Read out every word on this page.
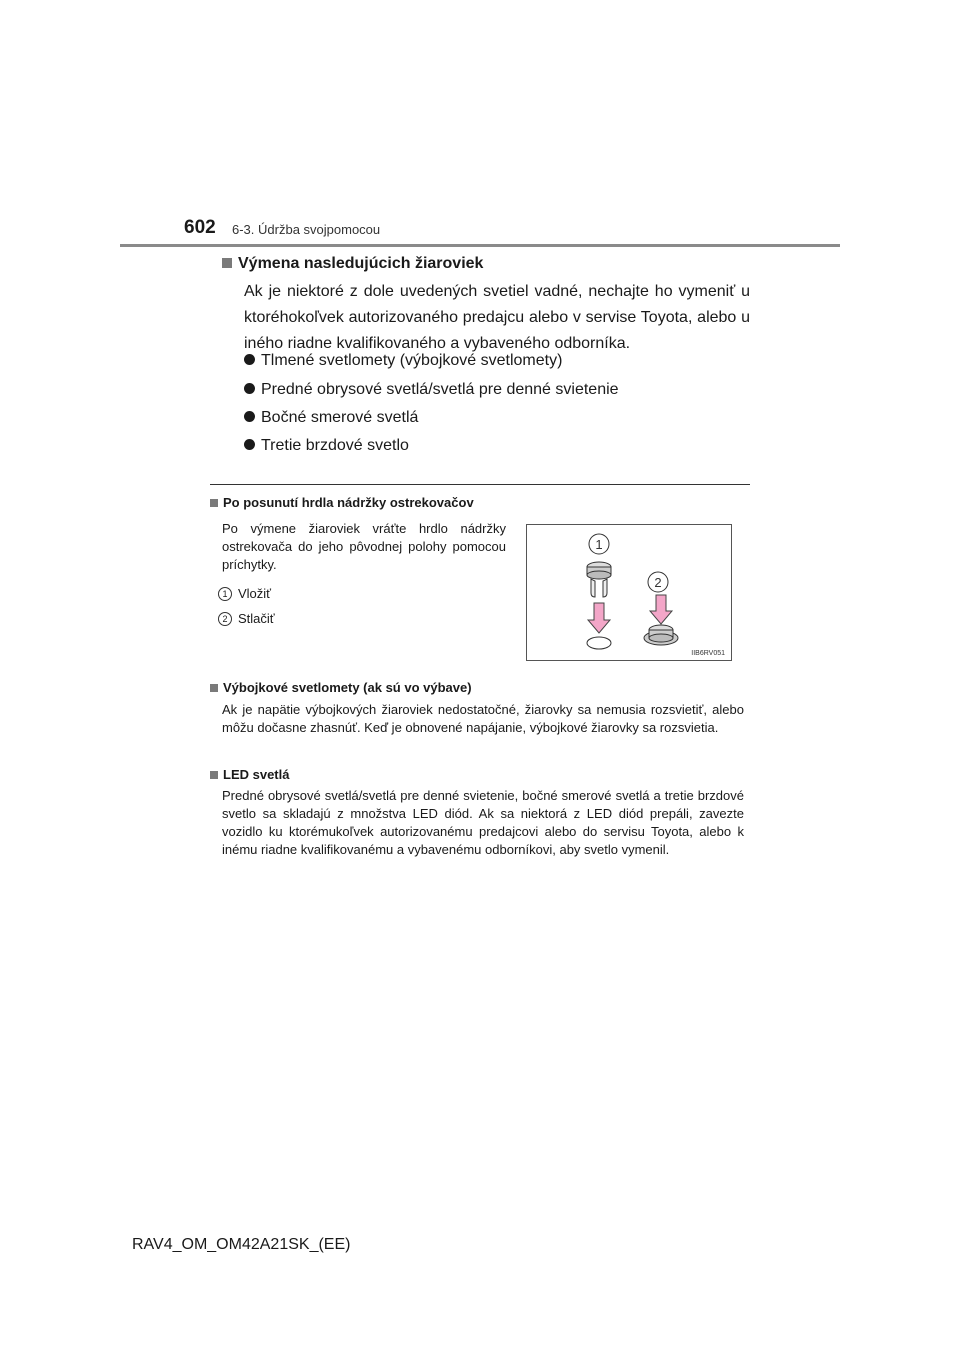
602 6-3. Údržba svojpomocou
Výmena nasledujúcich žiaroviek
Ak je niektoré z dole uvedených svetiel vadné, nechajte ho vymeniť u ktoréhokoľvek autorizovaného predajcu alebo v servise Toyota, alebo u iného riadne kvalifikovaného a vybaveného odborníka.
Tlmené svetlomety (výbojkové svetlomety)
Predné obrysové svetlá/svetlá pre denné svietenie
Bočné smerové svetlá
Tretie brzdové svetlo
Po posunutí hrdla nádržky ostrekovačov
Po výmene žiaroviek vráťte hrdlo nádržky ostrekovača do jeho pôvodnej polohy pomocou príchytky.
1 Vložiť
2 Stlačiť
1
2
IIB6RV051
Výbojkové svetlomety (ak sú vo výbave)
Ak je napätie výbojkových žiaroviek nedostatočné, žiarovky sa nemusia rozsvietiť, alebo môžu dočasne zhasnúť. Keď je obnovené napájanie, výbojkové žiarovky sa rozsvietia.
LED svetlá
Predné obrysové svetlá/svetlá pre denné svietenie, bočné smerové svetlá a tretie brzdové svetlo sa skladajú z množstva LED diód. Ak sa niektorá z LED diód prepáli, zavezte vozidlo ku ktorémukoľvek autorizovanému predajcovi alebo do servisu Toyota, alebo k inému riadne kvalifikovanému a vybavenému odborníkovi, aby svetlo vymenil.
RAV4_OM_OM42A21SK_(EE)
